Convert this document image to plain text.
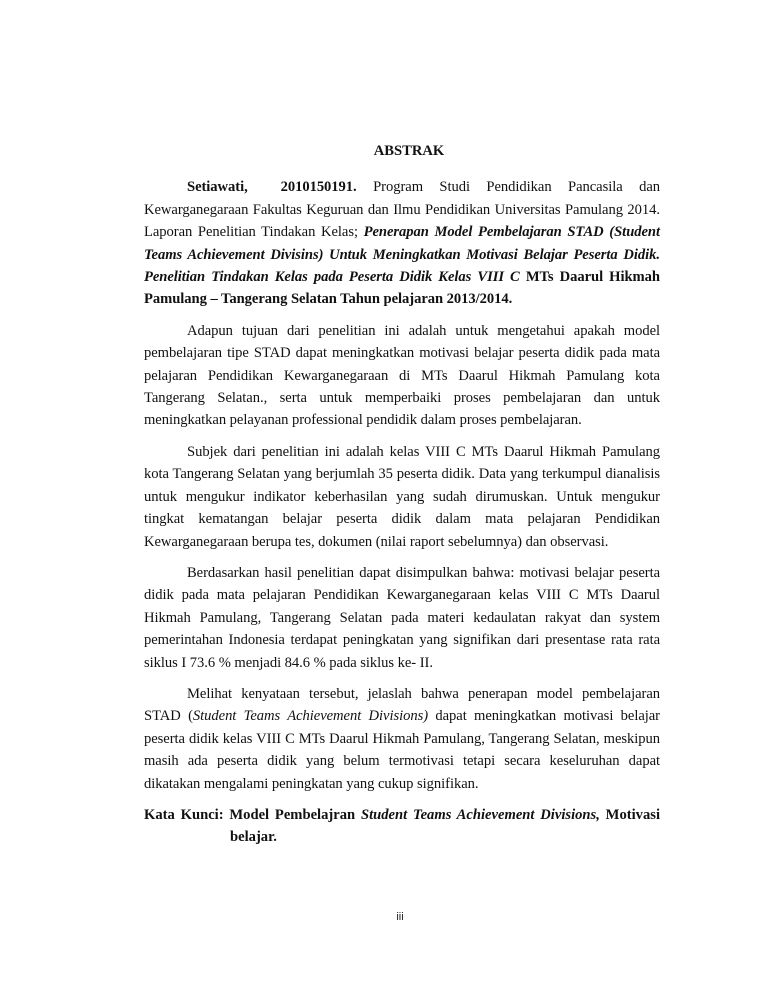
ABSTRAK

Setiawati, 2010150191. Program Studi Pendidikan Pancasila dan Kewarganegaraan Fakultas Keguruan dan Ilmu Pendidikan Universitas Pamulang 2014. Laporan Penelitian Tindakan Kelas; Penerapan Model Pembelajaran STAD (Student Teams Achievement Divisins) Untuk Meningkatkan Motivasi Belajar Peserta Didik. Penelitian Tindakan Kelas pada Peserta Didik Kelas VIII C MTs Daarul Hikmah Pamulang – Tangerang Selatan Tahun pelajaran 2013/2014.

Adapun tujuan dari penelitian ini adalah untuk mengetahui apakah model pembelajaran tipe STAD dapat meningkatkan motivasi belajar peserta didik pada mata pelajaran Pendidikan Kewarganegaraan di MTs Daarul Hikmah Pamulang kota Tangerang Selatan., serta untuk memperbaiki proses pembelajaran dan untuk meningkatkan pelayanan professional pendidik dalam proses pembelajaran.

Subjek dari penelitian ini adalah kelas VIII C MTs Daarul Hikmah Pamulang kota Tangerang Selatan yang berjumlah 35 peserta didik. Data yang terkumpul dianalisis untuk mengukur indikator keberhasilan yang sudah dirumuskan. Untuk mengukur tingkat kematangan belajar peserta didik dalam mata pelajaran Pendidikan Kewarganegaraan berupa tes, dokumen (nilai raport sebelumnya) dan observasi.

Berdasarkan hasil penelitian dapat disimpulkan bahwa: motivasi belajar peserta didik pada mata pelajaran Pendidikan Kewarganegaraan kelas VIII C MTs Daarul Hikmah Pamulang, Tangerang Selatan pada materi kedaulatan rakyat dan system pemerintahan Indonesia terdapat peningkatan yang signifikan dari presentase rata rata siklus I 73.6 % menjadi 84.6 % pada siklus ke- II.

Melihat kenyataan tersebut, jelaslah bahwa penerapan model pembelajaran STAD (Student Teams Achievement Divisions) dapat meningkatkan motivasi belajar peserta didik kelas VIII C MTs Daarul Hikmah Pamulang, Tangerang Selatan, meskipun masih ada peserta didik yang belum termotivasi tetapi secara keseluruhan dapat dikatakan mengalami peningkatan yang cukup signifikan.

Kata Kunci: Model Pembelajran Student Teams Achievement Divisions, Motivasi belajar.

iii
